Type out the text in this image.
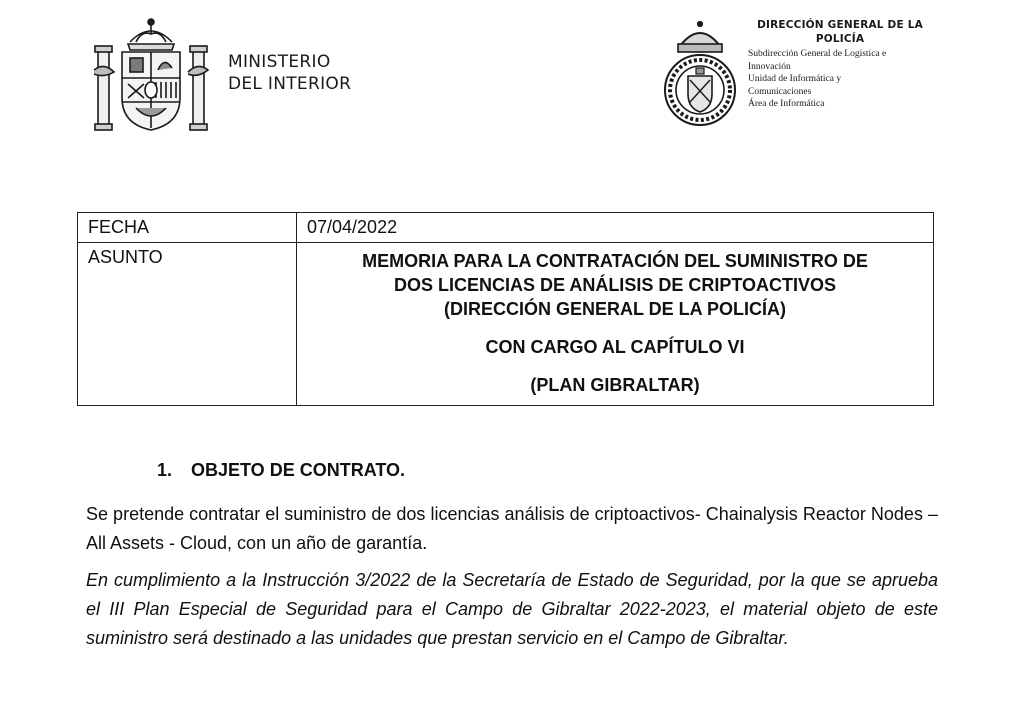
MINISTERIO
DEL INTERIOR
DIRECCIÓN GENERAL DE LA POLICÍA
Subdirección General de Logística e
Innovación
Unidad de Informática y
Comunicaciones
Área de Informática
FECHA	07/04/2022
ASUNTO	MEMORIA PARA LA CONTRATACIÓN DEL SUMINISTRO DE
DOS LICENCIAS DE ANÁLISIS DE CRIPTOACTIVOS
(DIRECCIÓN GENERAL DE LA POLICÍA)
CON CARGO AL CAPÍTULO VI
(PLAN GIBRALTAR)
1. OBJETO DE CONTRATO.

Se pretende contratar el suministro de dos licencias análisis de criptoactivos- Chainalysis Reactor Nodes – All Assets - Cloud, con un año de garantía.

En cumplimiento a la Instrucción 3/2022 de la Secretaría de Estado de Seguridad, por la que se aprueba el III Plan Especial de Seguridad para el Campo de Gibraltar 2022-2023, el material objeto de este suministro será destinado a las unidades que prestan servicio en el Campo de Gibraltar.
